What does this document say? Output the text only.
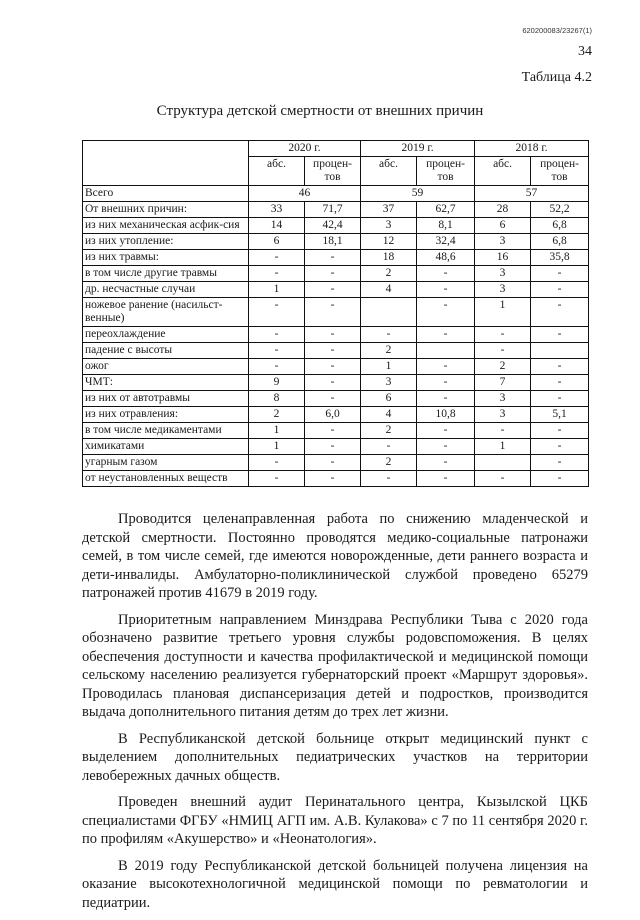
620200083/23267(1)
34
Таблица 4.2
Структура детской смертности от внешних причин
	2020 г.		2019 г.		2018 г.	
	абс.	процен-тов	абс.	процен-тов	абс.	процен-тов
Всего	46		59		57	
От внешних причин:	33	71,7	37	62,7	28	52,2
из них механическая асфик-сия	14	42,4	3	8,1	6	6,8
из них утопление:	6	18,1	12	32,4	3	6,8
из них травмы:	-	-	18	48,6	16	35,8
в том числе другие травмы	-	-	2	-	3	-
др. несчастные случаи	1	-	4	-	3	-
ножевое ранение (насильст-венные)	-	-		-	1	-
переохлаждение	-	-	-	-	-	-
падение с высоты	-	-	2		-	
ожог	-	-	1	-	2	-
ЧМТ:	9	-	3	-	7	-
из них от автотравмы	8	-	6	-	3	-
из них отравления:	2	6,0	4	10,8	3	5,1
в том числе медикаментами	1	-	2	-	-	-
химикатами	1	-	-	-	1	-
угарным газом	-	-	2	-		-
от неустановленных веществ	-	-	-	-	-	-

Проводится целенаправленная работа по снижению младенческой и детской смертности. Постоянно проводятся медико-социальные патронажи семей, в том числе семей, где имеются новорожденные, дети раннего возраста и дети-инвалиды. Амбулаторно-поликлинической службой проведено 65279 патронажей против 41679 в 2019 году.

Приоритетным направлением Минздрава Республики Тыва с 2020 года обозначено развитие третьего уровня службы родовспоможения. В целях обеспечения доступности и качества профилактической и медицинской помощи сельскому населению реализуется губернаторский проект «Маршрут здоровья». Проводилась плановая диспансеризация детей и подростков, производится выдача дополнительного питания детям до трех лет жизни.

В Республиканской детской больнице открыт медицинский пункт с выделением дополнительных педиатрических участков на территории левобережных дачных обществ.

Проведен внешний аудит Перинатального центра, Кызылской ЦКБ специалистами ФГБУ «НМИЦ АГП им. А.В. Кулакова» с 7 по 11 сентября 2020 г. по профилям «Акушерство» и «Неонатология».

В 2019 году Республиканской детской больницей получена лицензия на оказание высокотехнологичной медицинской помощи по ревматологии и педиатрии.
